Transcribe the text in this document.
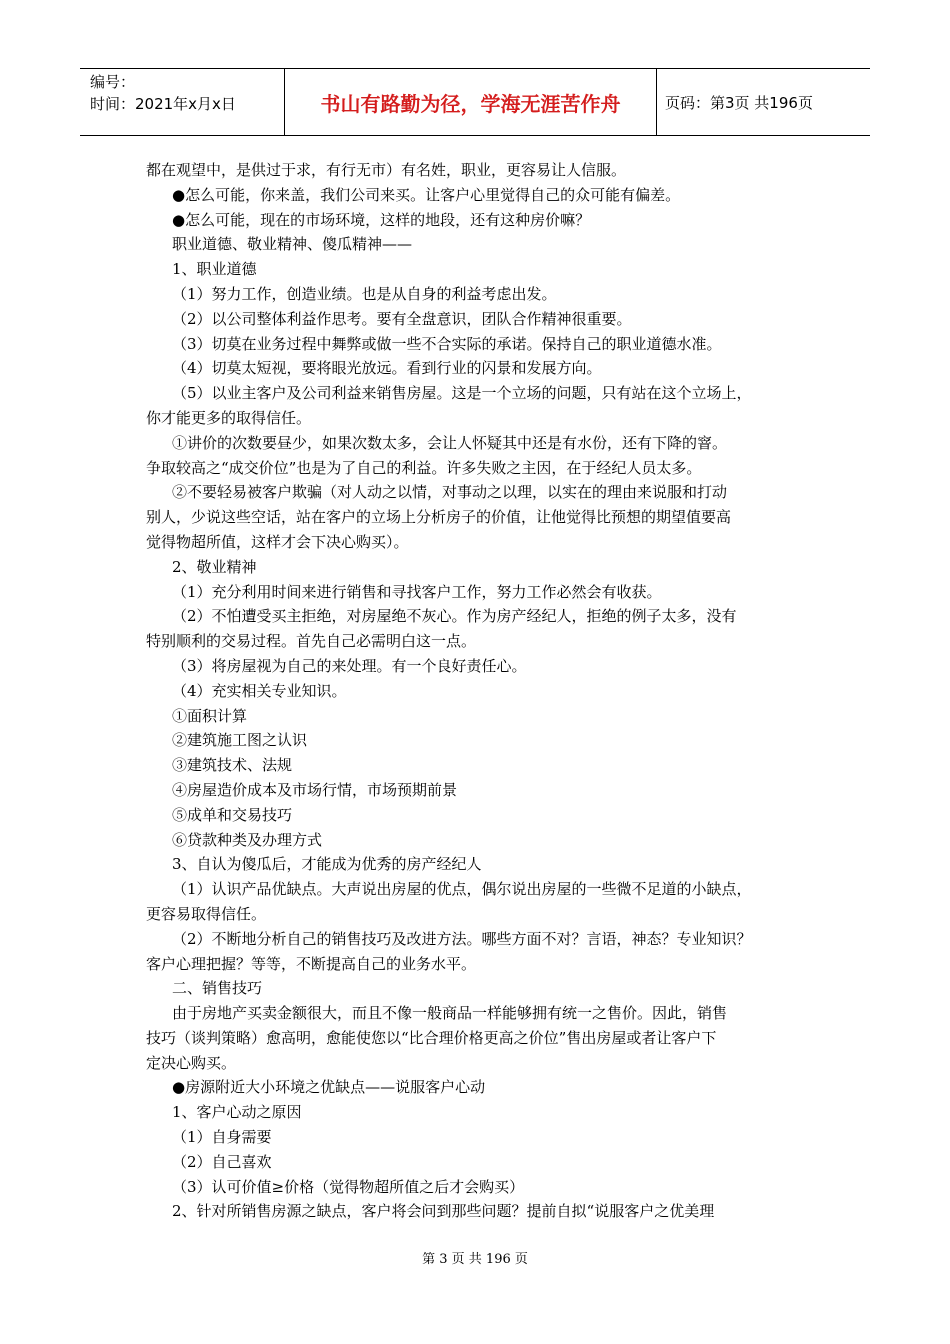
编号：
时间：2021年x月x日	书山有路勤为径，学海无涯苦作舟	页码：第3页 共196页
都在观望中，是供过于求，有行无市）有名姓，职业，更容易让人信服。
●怎么可能，你来盖，我们公司来买。让客户心里觉得自己的众可能有偏差。
●怎么可能，现在的市场环境，这样的地段，还有这种房价嘛？
职业道德、敬业精神、傻瓜精神——
1、职业道德
（1）努力工作，创造业绩。也是从自身的利益考虑出发。
（2）以公司整体利益作思考。要有全盘意识，团队合作精神很重要。
（3）切莫在业务过程中舞弊或做一些不合实际的承诺。保持自己的职业道德水准。
（4）切莫太短视，要将眼光放远。看到行业的闪景和发展方向。
（5）以业主客户及公司利益来销售房屋。这是一个立场的问题，只有站在这个立场上，
你才能更多的取得信任。
①讲价的次数要昼少，如果次数太多，会让人怀疑其中还是有水份，还有下降的窨。
争取较高之“成交价位”也是为了自己的利益。许多失败之主因，在于经纪人员太多。
②不要轻易被客户欺骗（对人动之以情，对事动之以理，以实在的理由来说服和打动
别人，少说这些空话，站在客户的立场上分析房子的价值，让他觉得比预想的期望值要高
觉得物超所值，这样才会下决心购买）。
2、敬业精神
（1）充分利用时间来进行销售和寻找客户工作，努力工作必然会有收获。
（2）不怕遭受买主拒绝，对房屋绝不灰心。作为房产经纪人，拒绝的例子太多，没有
特别顺利的交易过程。首先自己必需明白这一点。
（3）将房屋视为自己的来处理。有一个良好责任心。
（4）充实相关专业知识。
①面积计算
②建筑施工图之认识
③建筑技术、法规
④房屋造价成本及市场行情，市场预期前景
⑤成单和交易技巧
⑥贷款种类及办理方式
3、自认为傻瓜后，才能成为优秀的房产经纪人
（1）认识产品优缺点。大声说出房屋的优点，偶尔说出房屋的一些微不足道的小缺点，
更容易取得信任。
（2）不断地分析自己的销售技巧及改进方法。哪些方面不对？言语，神态？专业知识？
客户心理把握？等等，不断提高自己的业务水平。
二、销售技巧
由于房地产买卖金额很大，而且不像一般商品一样能够拥有统一之售价。因此，销售
技巧（谈判策略）愈高明，愈能使您以“比合理价格更高之价位”售出房屋或者让客户下
定决心购买。
●房源附近大小环境之优缺点——说服客户心动
1、客户心动之原因
（1）自身需要
（2）自己喜欢
（3）认可价值≥价格（觉得物超所值之后才会购买）
2、针对所销售房源之缺点，客户将会问到那些问题？提前自拟“说服客户之优美理
第 3 页 共 196 页
